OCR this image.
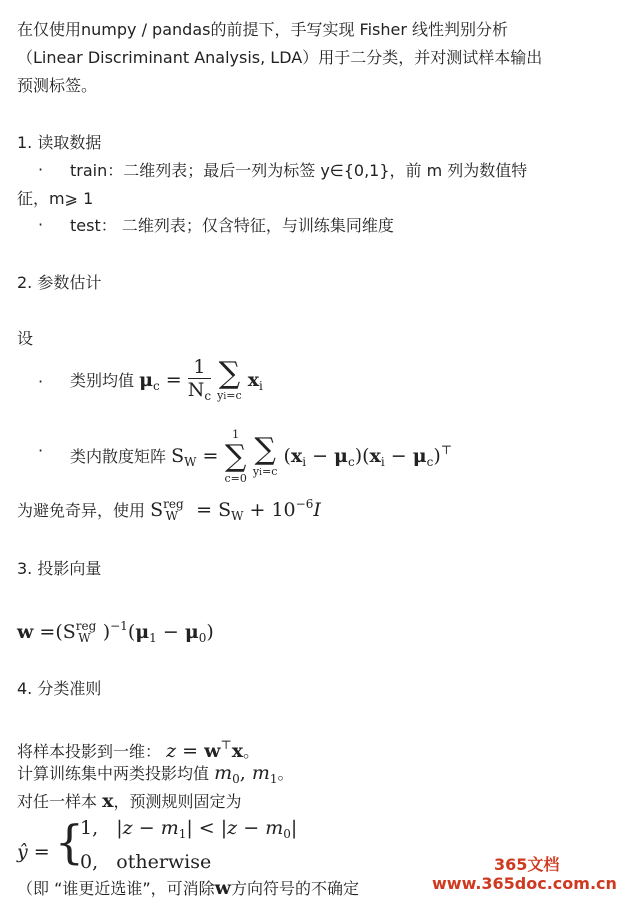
在仅使用numpy / pandas的前提下，手写实现 Fisher 线性判别分析
（Linear Discriminant Analysis, LDA）用于二分类，并对测试样本输出
预测标签。
1. 读取数据
· train：二维列表；最后一列为标签 y∈{0,1}，前 m 列为数值特
征，m⩾ 1
· test： 二维列表；仅含特征，与训练集同维度
2. 参数估计
设
· 类别均值 $\mu_c = \frac{1}{N_c}$
∑
yi=c
$x_i$
· 类内散度矩阵 $S_W$ =
1
∑
c=0

∑
yi=c
$(x_i - \mu_c)(x_i - \mu_c)^⊤$
为避免奇异，使用 $S^{reg}_W = S_W + 10^{-6}I$
3. 投影向量
$w =(S^{reg}_W$  )$^{-1}(\mu_1 - \mu_0)$
4. 分类准则
将样本投影到一维： z = w⊤x。
计算训练集中两类投影均值 $m_0$, $m_1$。
对任一样本 x，预测规则固定为
ŷ = {
1,   $|z - m_1| < |z - m_0|$
0, otherwise
（即 “谁更近选谁”，可消除w方向符号的不确定
365文档
www.365doc.com.cn
